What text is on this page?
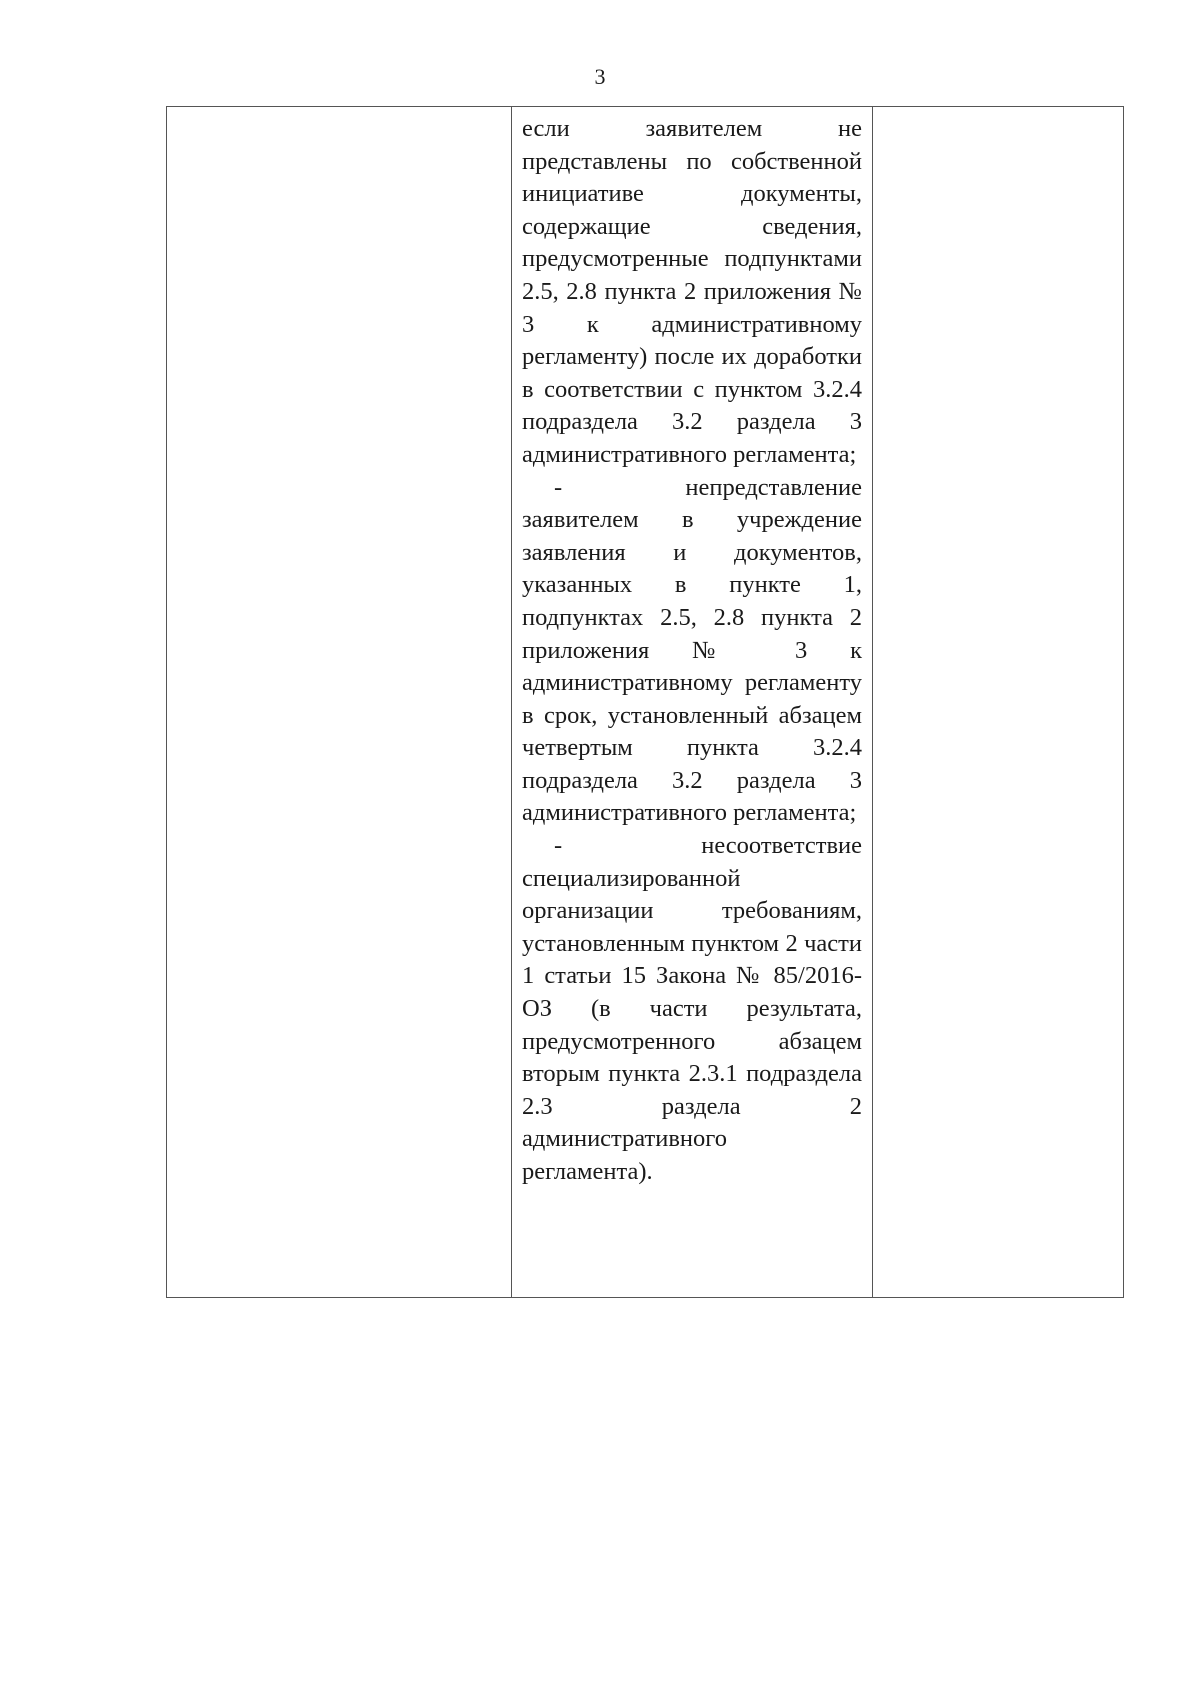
3

если заявителем не представлены по собственной инициативе документы, содержащие сведения, предусмотренные подпунктами 2.5, 2.8 пункта 2 приложения № 3 к административному регламенту) после их доработки в соответствии с пунктом 3.2.4 подраздела 3.2 раздела 3 административного регламента;

- непредставление заявителем в учреждение заявления и документов, указанных в пункте 1, подпунктах 2.5, 2.8 пункта 2 приложения № 3 к административному регламенту в срок, установленный абзацем четвертым пункта 3.2.4 подраздела 3.2 раздела 3 административного регламента;

- несоответствие специализированной организации требованиям, установленным пунктом 2 части 1 статьи 15 Закона № 85/2016-ОЗ (в части результата, предусмотренного абзацем вторым пункта 2.3.1 подраздела 2.3 раздела 2 административного регламента).
